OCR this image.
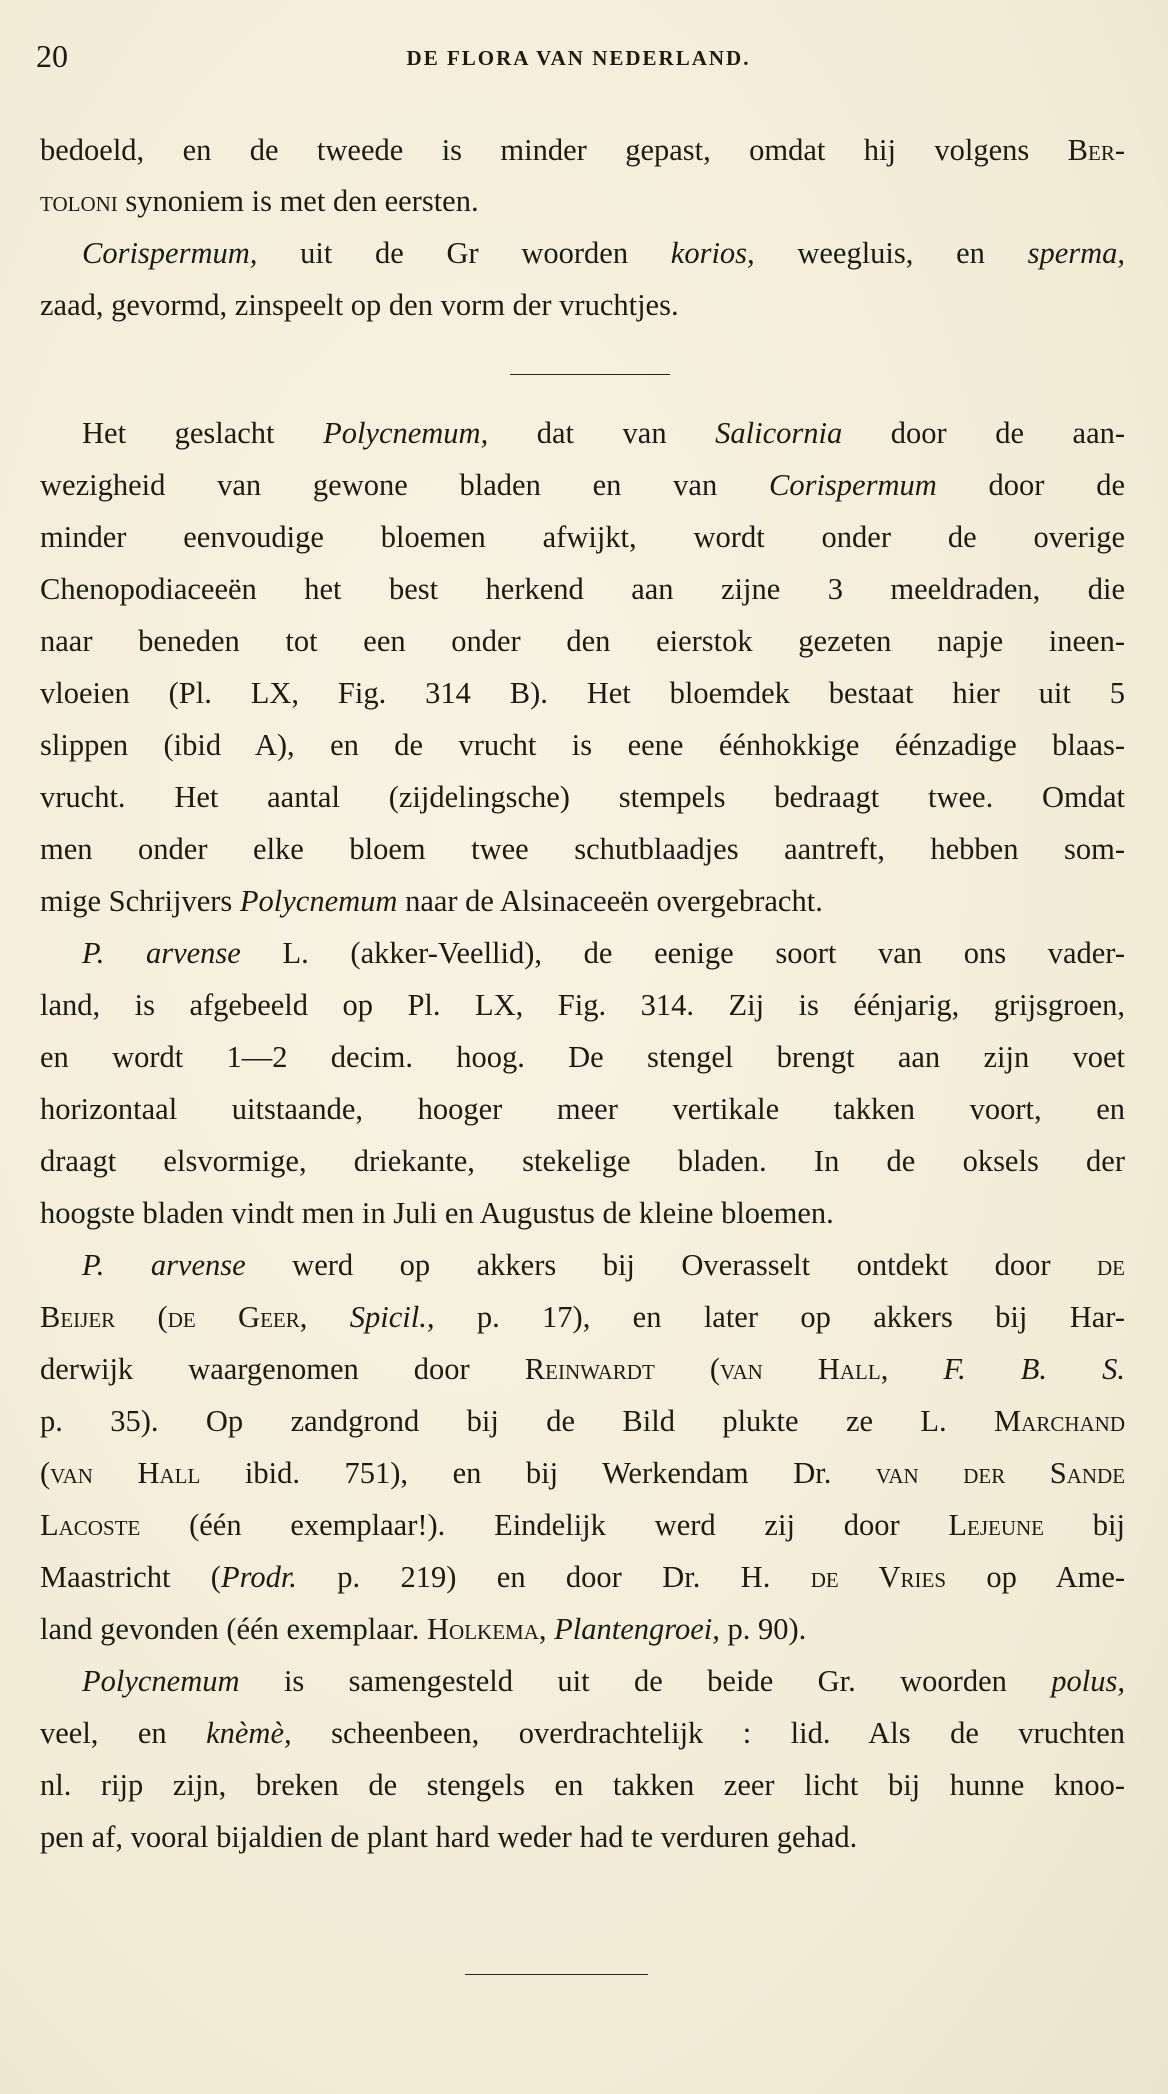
20	DE FLORA VAN NEDERLAND.
bedoeld, en de tweede is minder gepast, omdat hij volgens Ber-
toloni synoniem is met den eersten.
Corispermum, uit de Gr woorden korios, weegluis, en sperma,
zaad, gevormd, zinspeelt op den vorm der vruchtjes.
Het geslacht Polycnemum, dat van Salicornia door de aan-
wezigheid van gewone bladen en van Corispermum door de
minder eenvoudige bloemen afwijkt, wordt onder de overige
Chenopodiaceeën het best herkend aan zijne 3 meeldraden, die
naar beneden tot een onder den eierstok gezeten napje ineen-
vloeien (Pl. LX, Fig. 314 B). Het bloemdek bestaat hier uit 5
slippen (ibid A), en de vrucht is eene éénhokkige éénzadige blaas-
vrucht. Het aantal (zijdelingsche) stempels bedraagt twee. Omdat
men onder elke bloem twee schutblaadjes aantreft, hebben som-
mige Schrijvers Polycnemum naar de Alsinaceeën overgebracht.
P. arvense L. (akker-Veellid), de eenige soort van ons vader-
land, is afgebeeld op Pl. LX, Fig. 314. Zij is éénjarig, grijsgroen,
en wordt 1—2 decim. hoog. De stengel brengt aan zijn voet
horizontaal uitstaande, hooger meer vertikale takken voort, en
draagt elsvormige, driekante, stekelige bladen. In de oksels der
hoogste bladen vindt men in Juli en Augustus de kleine bloemen.
P. arvense werd op akkers bij Overasselt ontdekt door de
Beijer (de Geer, Spicil., p. 17), en later op akkers bij Har-
derwijk waargenomen door Reinwardt (van Hall, F. B. S.
p. 35). Op zandgrond bij de Bild plukte ze L. Marchand
(van Hall ibid. 751), en bij Werkendam Dr. van der Sande
Lacoste (één exemplaar!). Eindelijk werd zij door Lejeune bij
Maastricht (Prodr. p. 219) en door Dr. H. de Vries op Ame-
land gevonden (één exemplaar. Holkema, Plantengroei, p. 90).
Polycnemum is samengesteld uit de beide Gr. woorden polus,
veel, en knèmè, scheenbeen, overdrachtelijk : lid. Als de vruchten
nl. rijp zijn, breken de stengels en takken zeer licht bij hunne knoo-
pen af, vooral bijaldien de plant hard weder had te verduren gehad.
